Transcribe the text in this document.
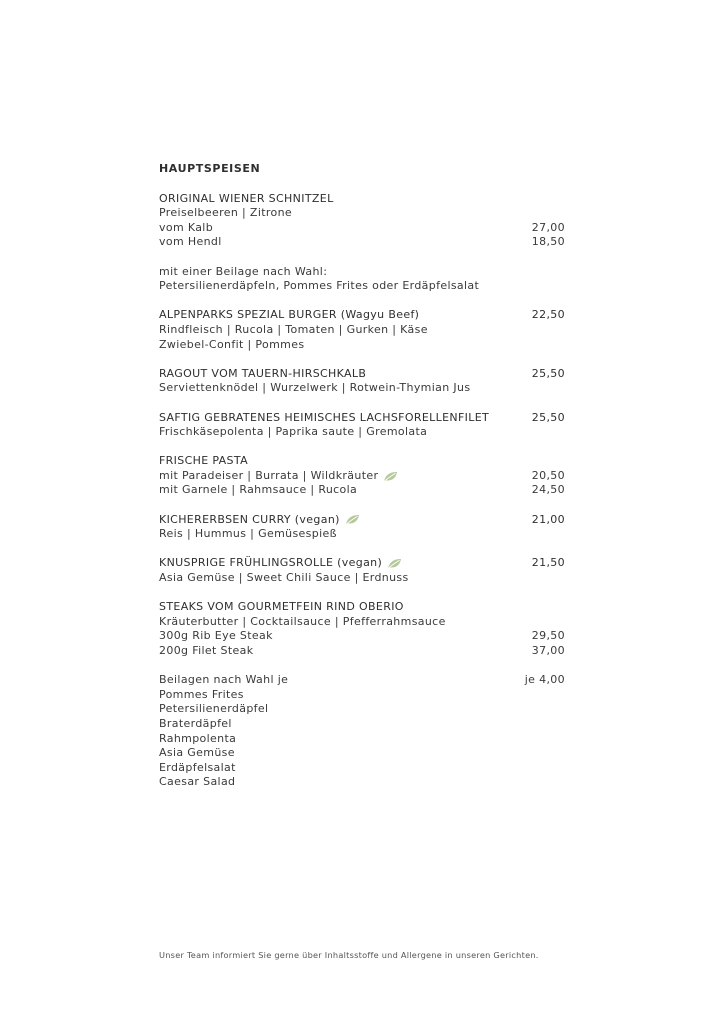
HAUPTSPEISEN
ORIGINAL WIENER SCHNITZEL
Preiselbeeren | Zitrone
vom Kalb	27,00
vom Hendl	18,50
mit einer Beilage nach Wahl:
Petersilienerdäpfeln, Pommes Frites oder Erdäpfelsalat
ALPENPARKS SPEZIAL BURGER (Wagyu Beef)	22,50
Rindfleisch | Rucola | Tomaten | Gurken | Käse
Zwiebel-Confit | Pommes
RAGOUT VOM TAUERN-HIRSCHKALB	25,50
Serviettenknödel | Wurzelwerk | Rotwein-Thymian Jus
SAFTIG GEBRATENES HEIMISCHES LACHSFORELLENFILET	25,50
Frischkäsepolenta | Paprika saute | Gremolata
FRISCHE PASTA
mit Paradeiser | Burrata | Wildkräuter	20,50
mit Garnele | Rahmsauce | Rucola	24,50
KICHERERBSEN CURRY (vegan)	21,00
Reis | Hummus | Gemüsespieß
KNUSPRIGE FRÜHLINGSROLLE (vegan)	21,50
Asia Gemüse | Sweet Chili Sauce | Erdnuss
STEAKS VOM GOURMETFEIN RIND OBERIO
Kräuterbutter | Cocktailsauce | Pfefferrahmsauce
300g Rib Eye Steak	29,50
200g Filet Steak	37,00
Beilagen nach Wahl je	je 4,00
Pommes Frites
Petersilienerdäpfel
Braterdäpfel
Rahmpolenta
Asia Gemüse
Erdäpfelsalat
Caesar Salad
Unser Team informiert Sie gerne über Inhaltsstoffe und Allergene in unseren Gerichten.
